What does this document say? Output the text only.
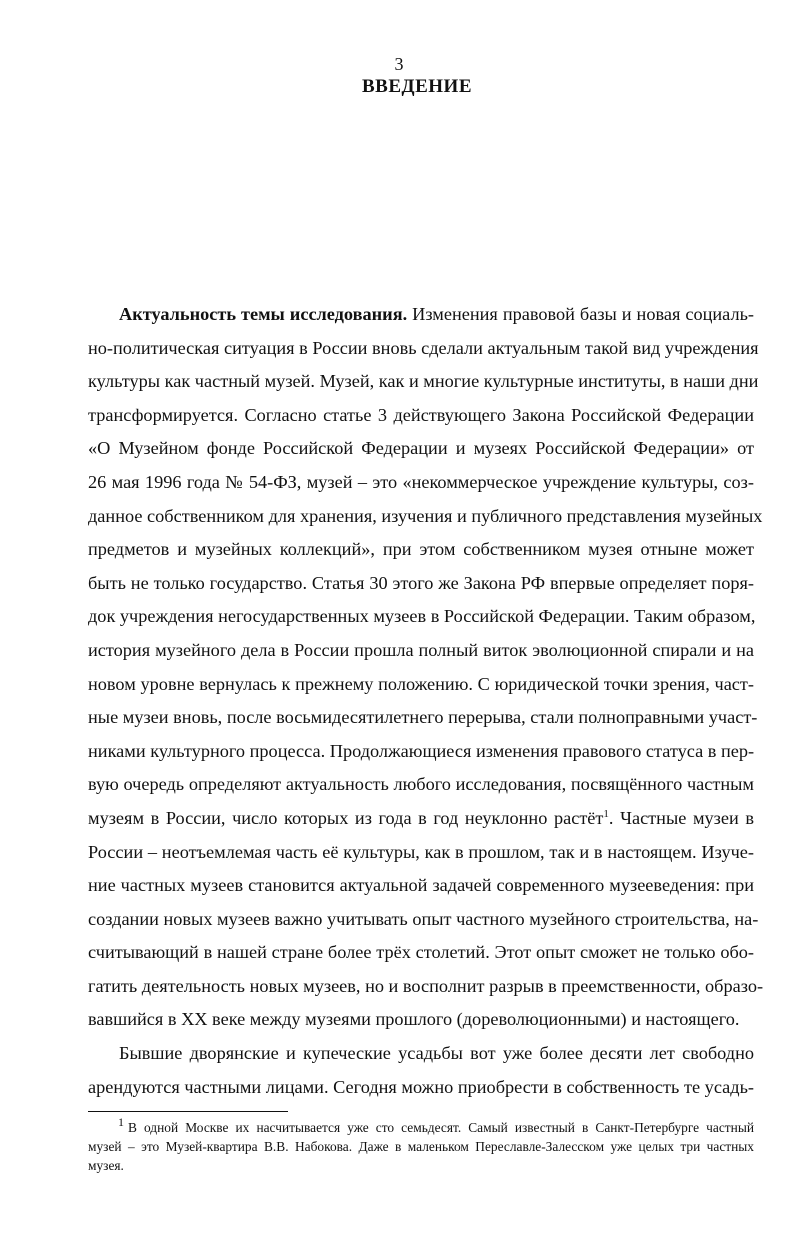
3
ВВЕДЕНИЕ
Актуальность темы исследования. Изменения правовой базы и новая социаль-
но-политическая ситуация в России вновь сделали актуальным такой вид учреждения
культуры как частный музей. Музей, как и многие культурные институты, в наши дни
трансформируется. Согласно статье 3 действующего Закона Российской Федерации
«О Музейном фонде Российской Федерации и музеях Российской Федерации» от
26 мая 1996 года № 54-ФЗ, музей – это «некоммерческое учреждение культуры, соз-
данное собственником для хранения, изучения и публичного представления музейных
предметов и музейных коллекций», при этом собственником музея отныне может
быть не только государство. Статья 30 этого же Закона РФ впервые определяет поря-
док учреждения негосударственных музеев в Российской Федерации. Таким образом,
история музейного дела в России прошла полный виток эволюционной спирали и на
новом уровне вернулась к прежнему положению. С юридической точки зрения, част-
ные музеи вновь, после восьмидесятилетнего перерыва, стали полноправными участ-
никами культурного процесса. Продолжающиеся изменения правового статуса в пер-
вую очередь определяют актуальность любого исследования, посвящённого частным
музеям в России, число которых из года в год неуклонно растёт$^1$. Частные музеи в
России – неотъемлемая часть её культуры, как в прошлом, так и в настоящем. Изуче-
ние частных музеев становится актуальной задачей современного музееведения: при
создании новых музеев важно учитывать опыт частного музейного строительства, на-
считывающий в нашей стране более трёх столетий. Этот опыт сможет не только обо-
гатить деятельность новых музеев, но и восполнит разрыв в преемственности, образо-
вавшийся в XX веке между музеями прошлого (дореволюционными) и настоящего.
Бывшие дворянские и купеческие усадьбы вот уже более десяти лет свободно
арендуются частными лицами. Сегодня можно приобрести в собственность те усадь-
1 В одной Москве их насчитывается уже сто семьдесят. Самый известный в Санкт-Петербурге частный
музей – это Музей-квартира В.В. Набокова. Даже в маленьком Переславле-Залесском уже целых три частных
музея.
